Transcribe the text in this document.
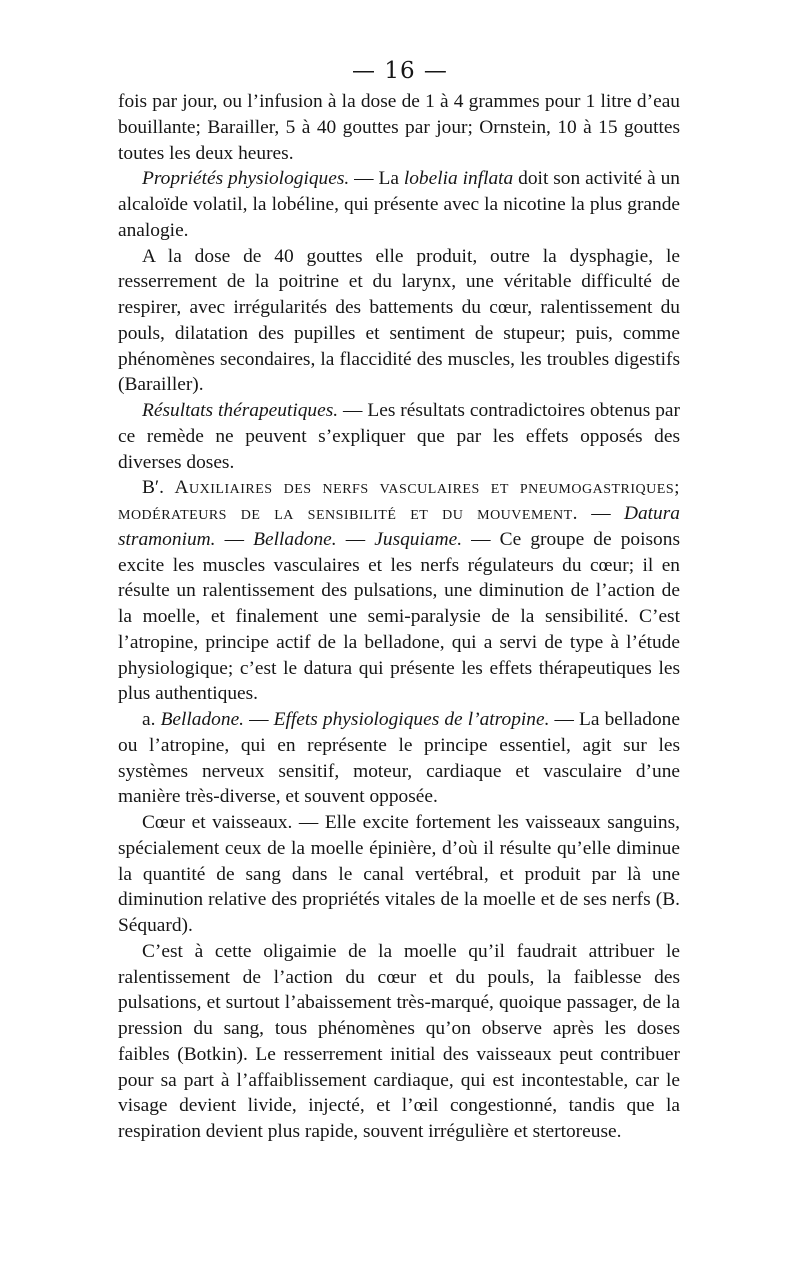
— 16 —

fois par jour, ou l’infusion à la dose de 1 à 4 grammes pour 1 litre d’eau bouillante; Barailler, 5 à 40 gouttes par jour; Ornstein, 10 à 15 gouttes toutes les deux heures.

Propriétés physiologiques. — La lobelia inflata doit son activité à un alcaloïde volatil, la lobéline, qui présente avec la nicotine la plus grande analogie.

A la dose de 40 gouttes elle produit, outre la dysphagie, le resserrement de la poitrine et du larynx, une véritable difficulté de respirer, avec irrégularités des battements du cœur, ralentissement du pouls, dilatation des pupilles et sentiment de stupeur; puis, comme phénomènes secondaires, la flaccidité des muscles, les troubles digestifs (Barailler).

Résultats thérapeutiques. — Les résultats contradictoires obtenus par ce remède ne peuvent s’expliquer que par les effets opposés des diverses doses.

B′. Auxiliaires des nerfs vasculaires et pneumogastriques; modérateurs de la sensibilité et du mouvement. — Datura stramonium. — Belladone. — Jusquiame. — Ce groupe de poisons excite les muscles vasculaires et les nerfs régulateurs du cœur; il en résulte un ralentissement des pulsations, une diminution de l’action de la moelle, et finalement une semi-paralysie de la sensibilité. C’est l’atropine, principe actif de la belladone, qui a servi de type à l’étude physiologique; c’est le datura qui présente les effets thérapeutiques les plus authentiques.

a. Belladone. — Effets physiologiques de l’atropine. — La belladone ou l’atropine, qui en représente le principe essentiel, agit sur les systèmes nerveux sensitif, moteur, cardiaque et vasculaire d’une manière très-diverse, et souvent opposée.

Cœur et vaisseaux. — Elle excite fortement les vaisseaux sanguins, spécialement ceux de la moelle épinière, d’où il résulte qu’elle diminue la quantité de sang dans le canal vertébral, et produit par là une diminution relative des propriétés vitales de la moelle et de ses nerfs (B. Séquard).

C’est à cette oligaimie de la moelle qu’il faudrait attribuer le ralentissement de l’action du cœur et du pouls, la faiblesse des pulsations, et surtout l’abaissement très-marqué, quoique passager, de la pression du sang, tous phénomènes qu’on observe après les doses faibles (Botkin). Le resserrement initial des vaisseaux peut contribuer pour sa part à l’affaiblissement cardiaque, qui est incontestable, car le visage devient livide, injecté, et l’œil congestionné, tandis que la respiration devient plus rapide, souvent irrégulière et stertoreuse.
